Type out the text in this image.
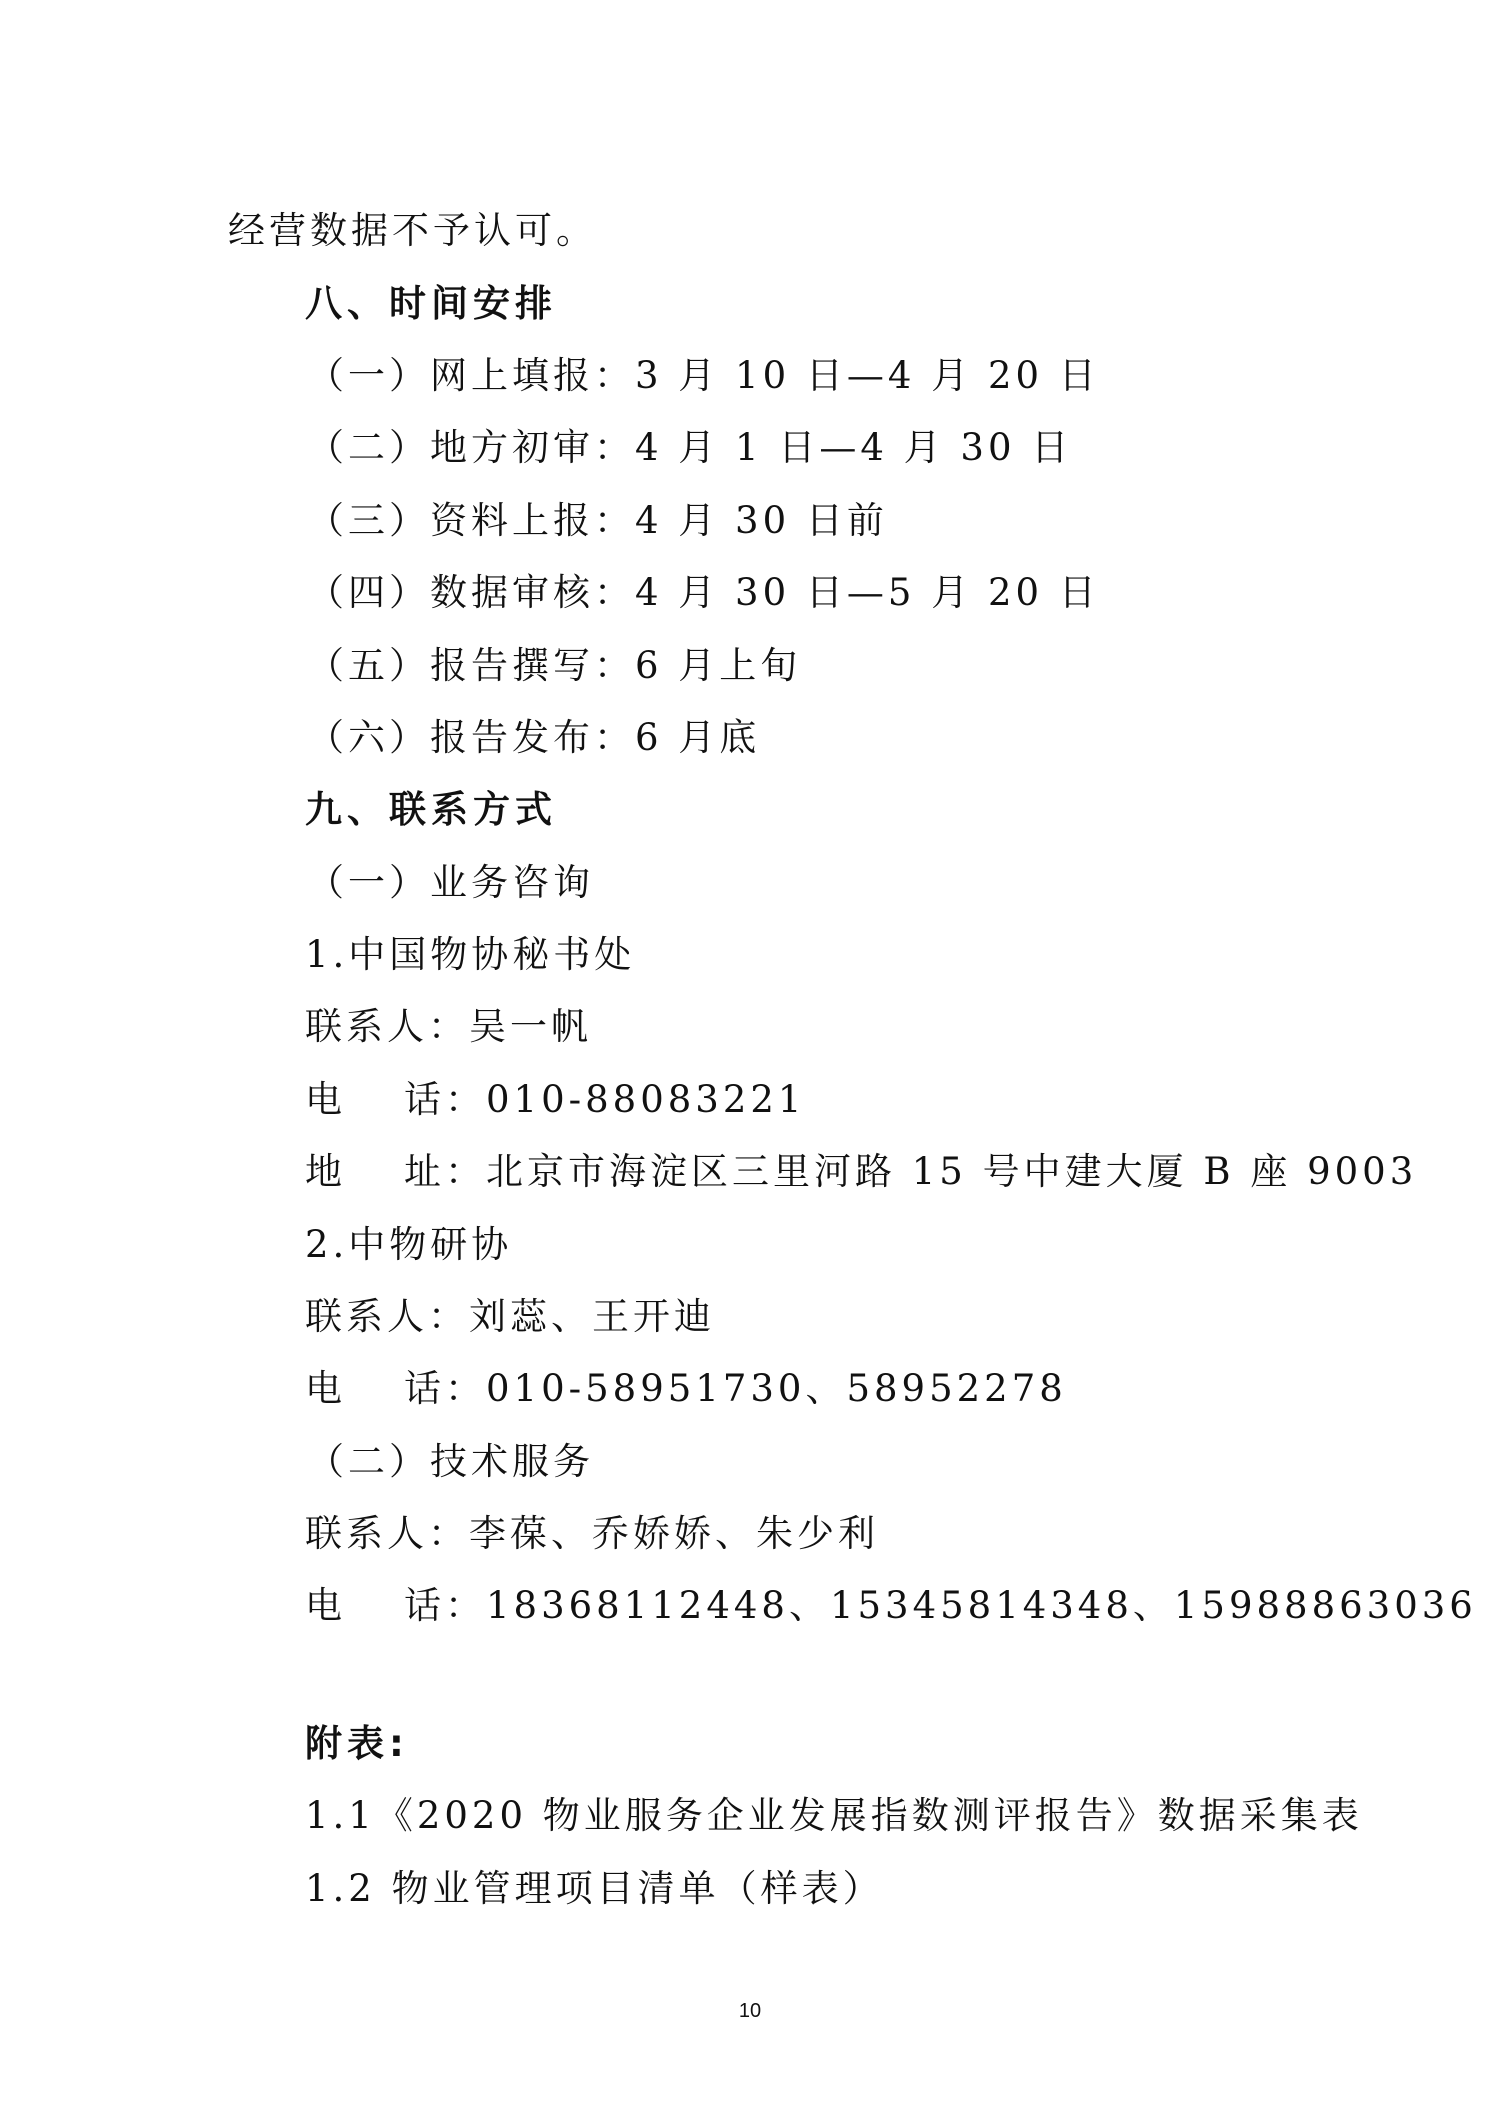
经营数据不予认可。
八、时间安排
（一）网上填报：3 月 10 日—4 月 20 日
（二）地方初审：4 月 1 日—4 月 30 日
（三）资料上报：4 月 30 日前
（四）数据审核：4 月 30 日—5 月 20 日
（五）报告撰写：6 月上旬
（六）报告发布：6 月底
九、联系方式
（一）业务咨询
1.中国物协秘书处
联系人：吴一帆
电 话：010-88083221
地 址：北京市海淀区三里河路 15 号中建大厦 B 座 9003
2.中物研协
联系人：刘蕊、王开迪
电 话：010-58951730、58952278
（二）技术服务
联系人：李葆、乔娇娇、朱少利
电 话：18368112448、15345814348、15988863036
附表:
1.1《2020 物业服务企业发展指数测评报告》数据采集表
1.2 物业管理项目清单（样表）
10
